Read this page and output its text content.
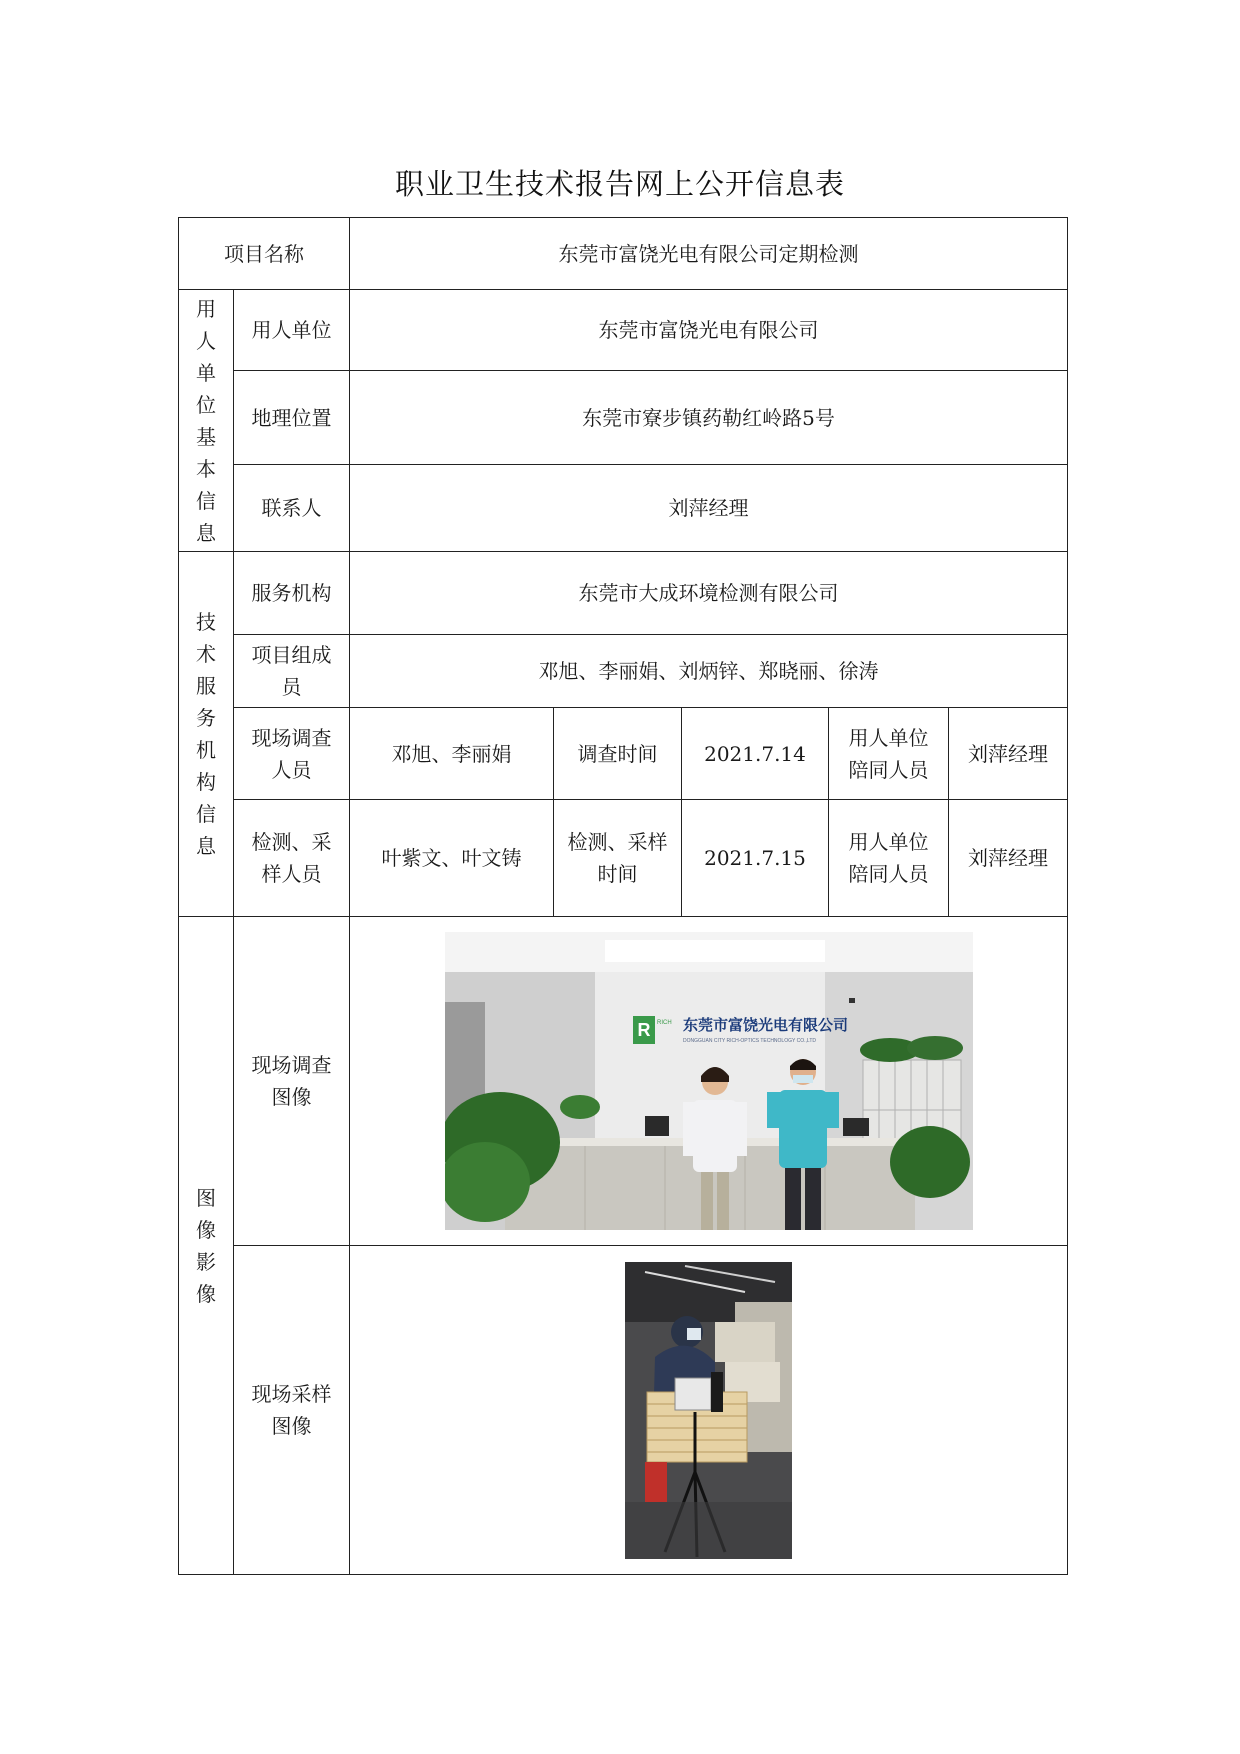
职业卫生技术报告网上公开信息表
项目名称		东莞市富饶光电有限公司定期检测				

用人单位基本信息	用人单位	东莞市富饶光电有限公司				
	地理位置	东莞市寮步镇药勒红岭路5号				
	联系人	刘萍经理				

技术服务机构信息	服务机构	东莞市大成环境检测有限公司				
	项目组成员	邓旭、李丽娟、刘炳锌、郑晓丽、徐涛				
	现场调查人员	邓旭、李丽娟	调查时间	2021.7.14	用人单位陪同人员	刘萍经理
	检测、采样人员	叶紫文、叶文铸	检测、采样时间	2021.7.15	用人单位陪同人员	刘萍经理

图像影像	现场调查图像	R RICH 东莞市富饶光电有限公司
DONGGUAN CITY RICH-OPTICS TECHNOLOGY CO.,LTD				

	现场采样图像	
